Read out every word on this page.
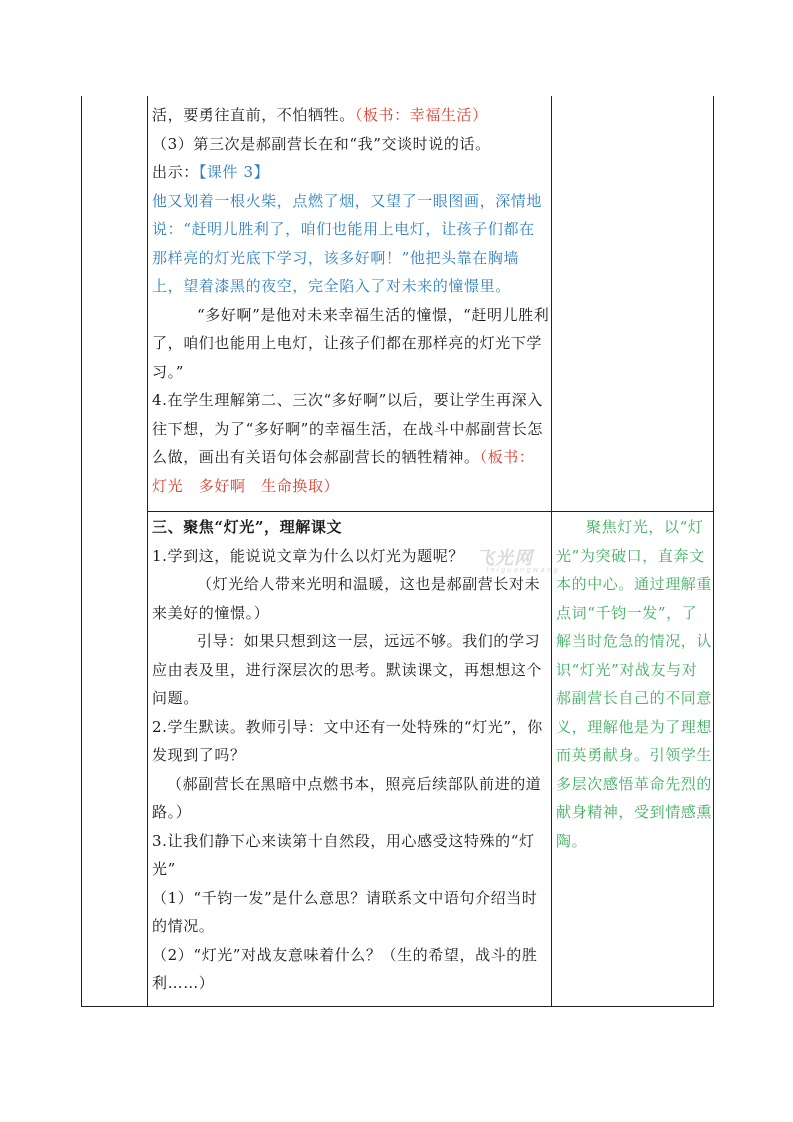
活，要勇往直前，不怕牺牲。（板书：幸福生活）

（3）第三次是郝副营长在和“我”交谈时说的话。

出示：【课件 3】

他又划着一根火柴，点燃了烟，又望了一眼图画，深情地说：“赶明儿胜利了，咱们也能用上电灯，让孩子们都在那样亮的灯光底下学习，该多好啊！”他把头靠在胸墙上，望着漆黑的夜空，完全陷入了对未来的憧憬里。

“多好啊”是他对未来幸福生活的憧憬，“赶明儿胜利了，咱们也能用上电灯，让孩子们都在那样亮的灯光下学习。”

4.在学生理解第二、三次“多好啊”以后，要让学生再深入往下想，为了“多好啊”的幸福生活，在战斗中郝副营长怎么做，画出有关语句体会郝副营长的牺牲精神。（板书：灯光　多好啊　生命换取）

三、聚焦“灯光”，理解课文

1.学到这，能说说文章为什么以灯光为题呢？

（灯光给人带来光明和温暖，这也是郝副营长对未来美好的憧憬。）

引导：如果只想到这一层，远远不够。我们的学习应由表及里，进行深层次的思考。默读课文，再想想这个问题。

2.学生默读。教师引导：文中还有一处特殊的“灯光”，你发现到了吗？

（郝副营长在黑暗中点燃书本，照亮后续部队前进的道路。）

3.让我们静下心来读第十自然段，用心感受这特殊的“灯光”

（1）“千钧一发”是什么意思？请联系文中语句介绍当时的情况。

（2）“灯光”对战友意味着什么？（生的希望，战斗的胜利……）

聚焦灯光，以“灯光”为突破口，直奔文本的中心。通过理解重点词“千钧一发”，了解当时危急的情况，认识“灯光”对战友与对郝副营长自己的不同意义，理解他是为了理想而英勇献身。引领学生多层次感悟革命先烈的献身精神，受到情感熏陶。

飞光网
feiguangwang
